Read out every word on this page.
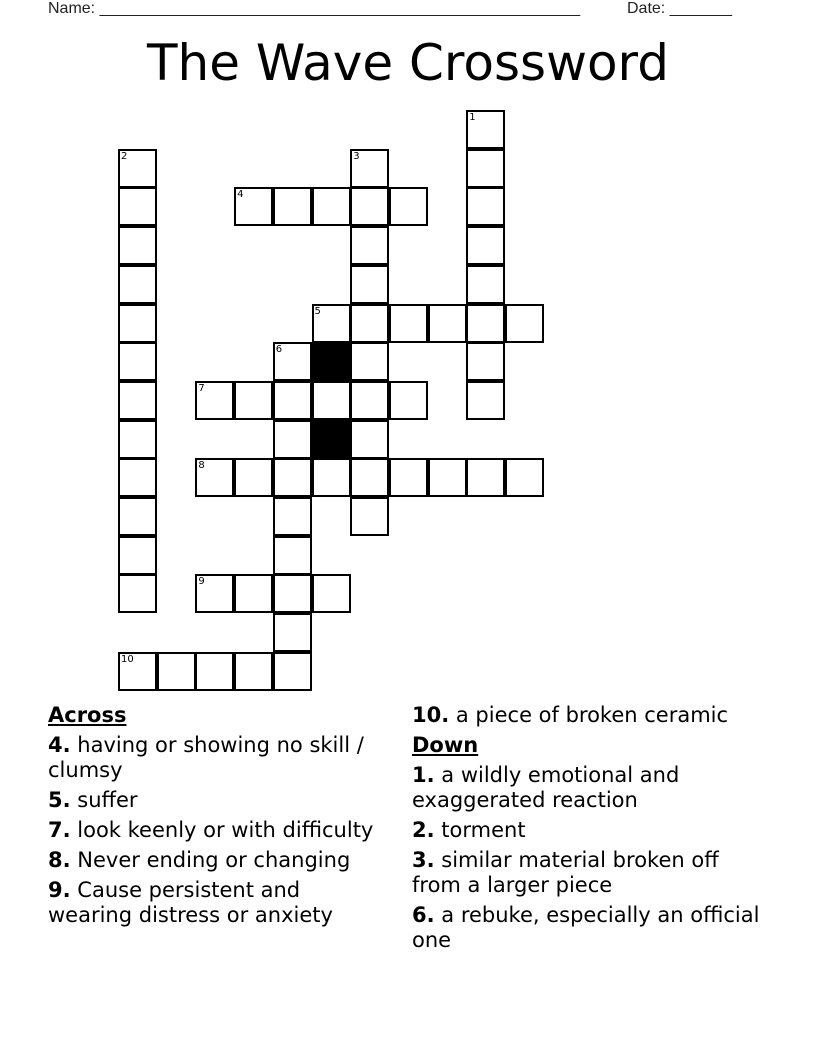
Name: ______________________________________________________	Date: _______
The Wave Crossword
1
2	3
4
5
6
7
8
9
10
Across
4. having or showing no skill / clumsy
5. suffer
7. look keenly or with difficulty
8. Never ending or changing
9. Cause persistent and wearing distress or anxiety
10. a piece of broken ceramic
Down
1. a wildly emotional and exaggerated reaction
2. torment
3. similar material broken off from a larger piece
6. a rebuke, especially an official one
